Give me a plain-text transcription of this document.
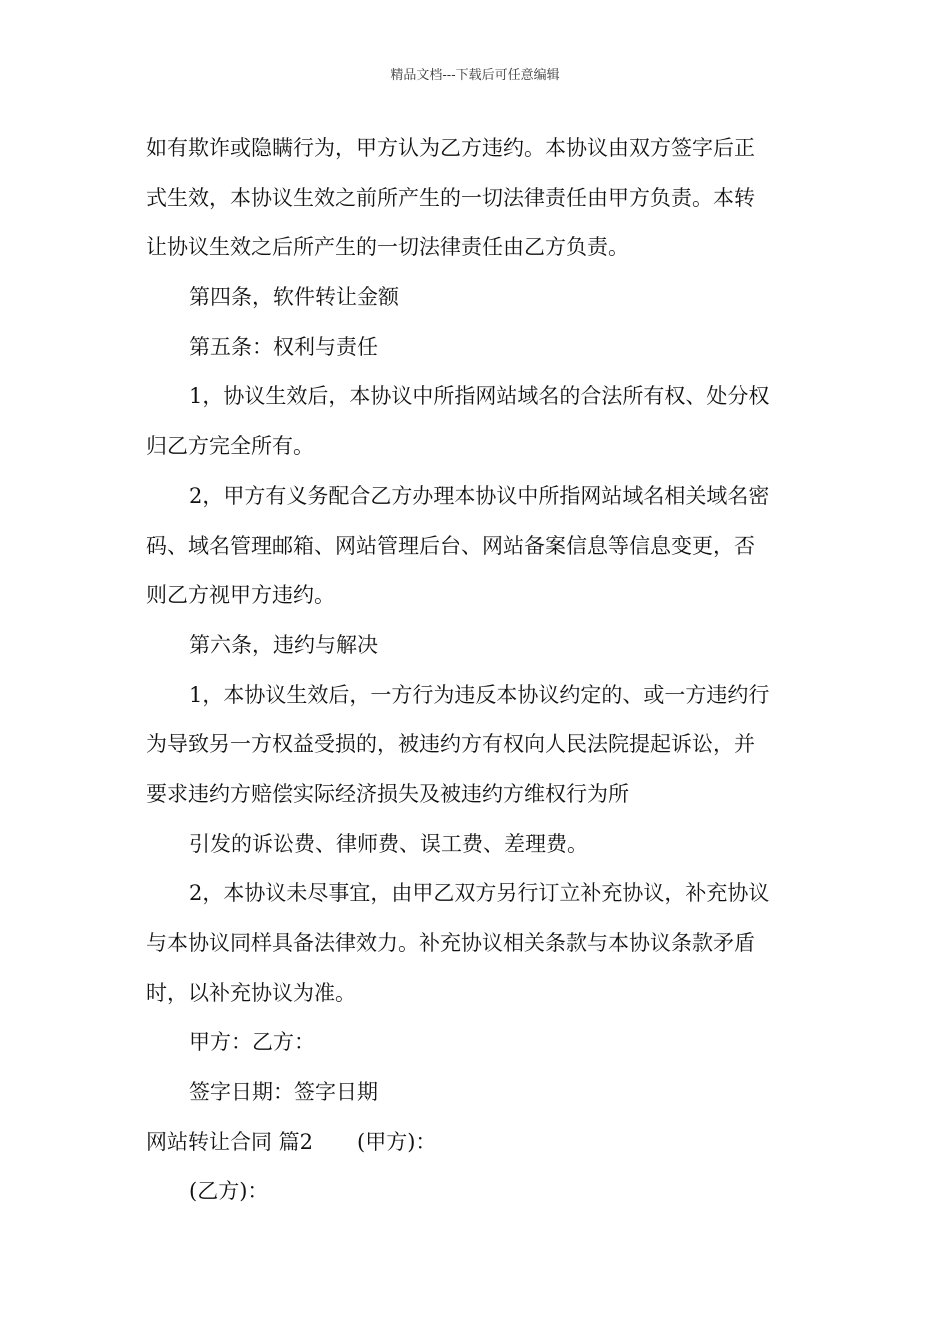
精品文档---下载后可任意编辑
如有欺诈或隐瞒行为，甲方认为乙方违约。本协议由双方签字后正
式生效，本协议生效之前所产生的一切法律责任由甲方负责。本转
让协议生效之后所产生的一切法律责任由乙方负责。
第四条，软件转让金额
第五条：权利与责任
1，协议生效后，本协议中所指网站域名的合法所有权、处分权
归乙方完全所有。
2，甲方有义务配合乙方办理本协议中所指网站域名相关域名密
码、域名管理邮箱、网站管理后台、网站备案信息等信息变更，否
则乙方视甲方违约。
第六条，违约与解决
1，本协议生效后，一方行为违反本协议约定的、或一方违约行
为导致另一方权益受损的，被违约方有权向人民法院提起诉讼，并
要求违约方赔偿实际经济损失及被违约方维权行为所
引发的诉讼费、律师费、误工费、差理费。
2，本协议未尽事宜，由甲乙双方另行订立补充协议，补充协议
与本协议同样具备法律效力。补充协议相关条款与本协议条款矛盾
时，以补充协议为准。
甲方：乙方：
签字日期：签字日期
网站转让合同 篇2 (甲方)：
(乙方)：
